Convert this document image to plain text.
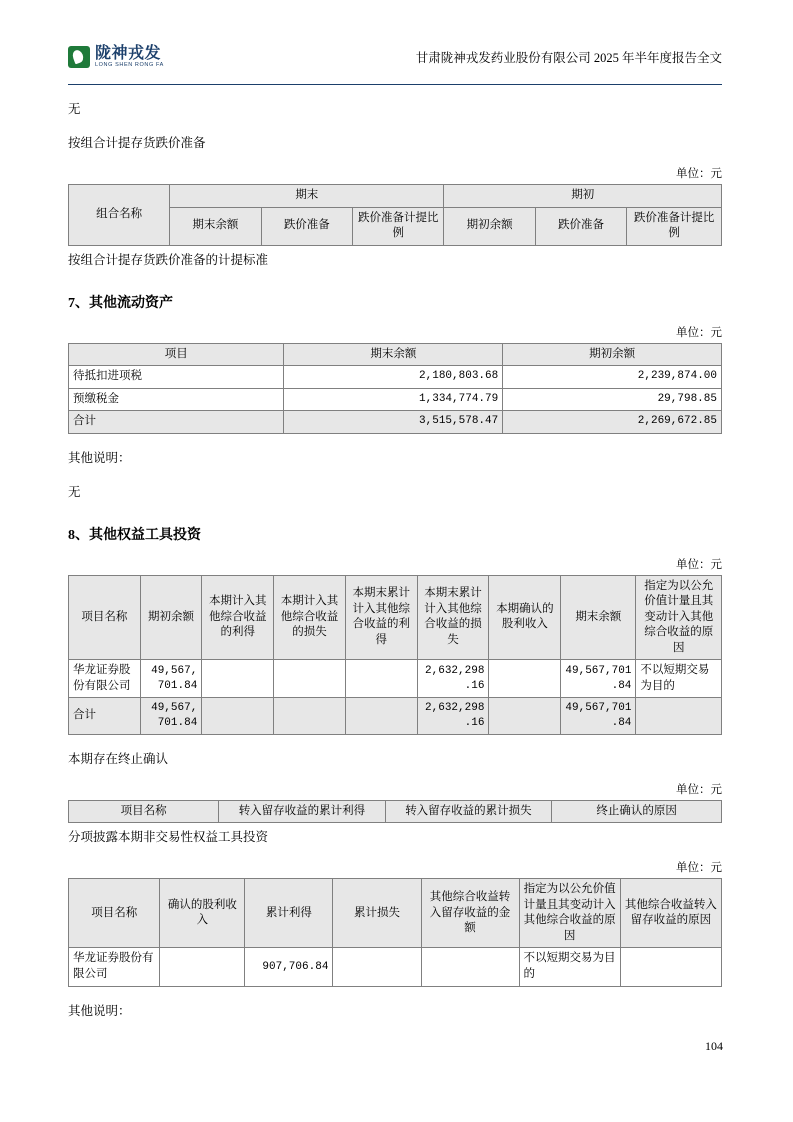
陇神戎发
LONG SHEN RONG FA	甘肃陇神戎发药业股份有限公司 2025 年半年度报告全文
无
按组合计提存货跌价准备
单位：元
组合名称	期末			期初		
	期末余额	跌价准备	跌价准备计提比例	期初余额	跌价准备	跌价准备计提比例
按组合计提存货跌价准备的计提标准
7、其他流动资产
单位：元
项目	期末余额	期初余额
待抵扣进项税	2,180,803.68	2,239,874.00
预缴税金	1,334,774.79	29,798.85
合计	3,515,578.47	2,269,672.85
其他说明：
无
8、其他权益工具投资
单位：元
项目名称	期初余额	本期计入其他综合收益的利得	本期计入其他综合收益的损失	本期末累计计入其他综合收益的利得	本期末累计计入其他综合收益的损失	本期确认的股利收入	期末余额	指定为以公允价值计量且其变动计入其他综合收益的原因
华龙证券股份有限公司	49,567,701.84				2,632,298.16		49,567,701.84	不以短期交易为目的
合计	49,567,701.84				2,632,298.16		49,567,701.84	
本期存在终止确认
单位：元
项目名称	转入留存收益的累计利得	转入留存收益的累计损失	终止确认的原因
分项披露本期非交易性权益工具投资
单位：元
项目名称	确认的股利收入	累计利得	累计损失	其他综合收益转入留存收益的金额	指定为以公允价值计量且其变动计入其他综合收益的原因	其他综合收益转入留存收益的原因
华龙证券股份有限公司		907,706.84			不以短期交易为目的	
其他说明：
104
